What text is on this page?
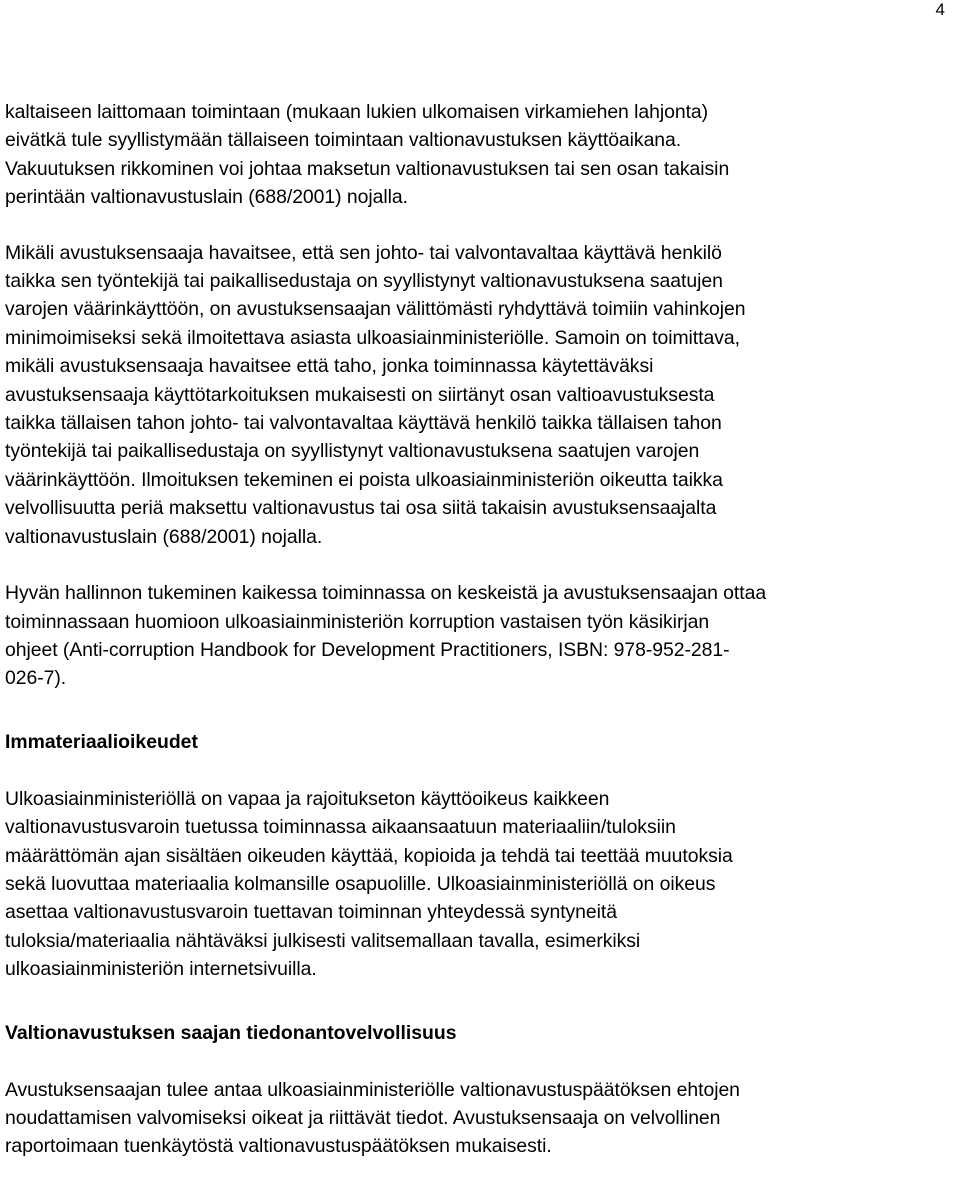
4

kaltaiseen laittomaan toimintaan (mukaan lukien ulkomaisen virkamiehen lahjonta)
eivätkä tule syyllistymään tällaiseen toimintaan valtionavustuksen käyttöaikana.
Vakuutuksen rikkominen voi johtaa maksetun valtionavustuksen tai sen osan takaisin
perintään valtionavustuslain (688/2001) nojalla.

Mikäli avustuksensaaja havaitsee, että sen johto- tai valvontavaltaa käyttävä henkilö
taikka sen työntekijä tai paikallisedustaja on syyllistynyt valtionavustuksena saatujen
varojen väärinkäyttöön, on avustuksensaajan välittömästi ryhdyttävä toimiin vahinkojen
minimoimiseksi sekä ilmoitettava asiasta ulkoasiainministeriölle. Samoin on toimittava,
mikäli avustuksensaaja havaitsee että taho, jonka toiminnassa käytettäväksi
avustuksensaaja käyttötarkoituksen mukaisesti on siirtänyt osan valtioavustuksesta
taikka tällaisen tahon johto- tai valvontavaltaa käyttävä henkilö taikka tällaisen tahon
työntekijä tai paikallisedustaja on syyllistynyt valtionavustuksena saatujen varojen
väärinkäyttöön. Ilmoituksen tekeminen ei poista ulkoasiainministeriön oikeutta taikka
velvollisuutta periä maksettu valtionavustus tai osa siitä takaisin avustuksensaajalta
valtionavustuslain (688/2001) nojalla.

Hyvän hallinnon tukeminen kaikessa toiminnassa on keskeistä ja avustuksensaajan ottaa
toiminnassaan huomioon ulkoasiainministeriön korruption vastaisen työn käsikirjan
ohjeet (Anti-corruption Handbook for Development Practitioners, ISBN: 978-952-281-
026-7).

Immateriaalioikeudet

Ulkoasiainministeriöllä on vapaa ja rajoitukseton käyttöoikeus kaikkeen
valtionavustusvaroin tuetussa toiminnassa aikaansaatuun materiaaliin/tuloksiin
määrättömän ajan sisältäen oikeuden käyttää, kopioida ja tehdä tai teettää muutoksia
sekä luovuttaa materiaalia kolmansille osapuolille. Ulkoasiainministeriöllä on oikeus
asettaa valtionavustusvaroin tuettavan toiminnan yhteydessä syntyneitä
tuloksia/materiaalia nähtäväksi julkisesti valitsemallaan tavalla, esimerkiksi
ulkoasiainministeriön internetsivuilla.

Valtionavustuksen saajan tiedonantovelvollisuus

Avustuksensaajan tulee antaa ulkoasiainministeriölle valtionavustuspäätöksen ehtojen
noudattamisen valvomiseksi oikeat ja riittävät tiedot. Avustuksensaaja on velvollinen
raportoimaan tuenkäytöstä valtionavustuspäätöksen mukaisesti.
